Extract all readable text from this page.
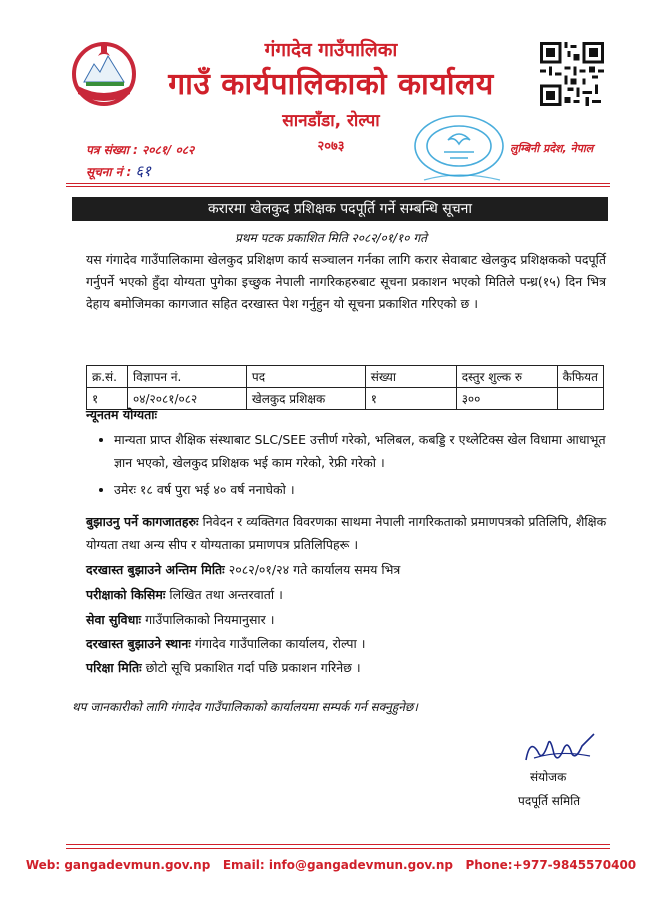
गंगादेव गाउँपालिका
गाउँ कार्यपालिकाको कार्यालय
सानडाँडा, रोल्पा
२०७३
पत्र संख्या : २०८१/ ०८२
सूचना नं : ६१
लुम्बिनी प्रदेश, नेपाल
करारमा खेलकुद प्रशिक्षक पदपूर्ति गर्ने सम्बन्धि सूचना
प्रथम पटक प्रकाशित मिति २०८२/०१/१० गते
यस गंगादेव गाउँपालिकामा खेलकुद प्रशिक्षण कार्य सञ्चालन गर्नका लागि करार सेवाबाट खेलकुद प्रशिक्षकको पदपूर्ति गर्नुपर्ने भएको हुँदा योग्यता पुगेका इच्छुक नेपाली नागरिकहरुबाट सूचना प्रकाशन भएको मितिले पन्ध्र(१५) दिन भित्र देहाय बमोजिमका कागजात सहित दरखास्त पेश गर्नुहुन यो सूचना प्रकाशित गरिएको छ ।
क्र.सं.	विज्ञापन नं.	पद	संख्या	दस्तुर शुल्क रु	कैफियत
१	०४/२०८१/०८२	खेलकुद प्रशिक्षक	१	३००	
न्यूनतम योग्यताः
• मान्यता प्राप्त शैक्षिक संस्थाबाट SLC/SEE उत्तीर्ण गरेको, भलिबल, कबड्डि र एथ्लेटिक्स खेल विधामा आधाभूत ज्ञान भएको, खेलकुद प्रशिक्षक भई काम गरेको, रेफ्री गरेको ।
• उमेरः १८ वर्ष पुरा भई ४० वर्ष ननाघेको ।
बुझाउनु पर्ने कागजातहरुः निवेदन र व्यक्तिगत विवरणका साथमा नेपाली नागरिकताको प्रमाणपत्रको प्रतिलिपि, शैक्षिक योग्यता तथा अन्य सीप र योग्यताका प्रमाणपत्र प्रतिलिपिहरू ।
दरखास्त बुझाउने अन्तिम मितिः २०८२/०१/२४ गते कार्यालय समय भित्र
परीक्षाको किसिमः लिखित तथा अन्तरवार्ता ।
सेवा सुविधाः गाउँपालिकाको नियमानुसार ।
दरखास्त बुझाउने स्थानः गंगादेव गाउँपालिका कार्यालय, रोल्पा ।
परिक्षा मितिः छोटो सूचि प्रकाशित गर्दा पछि प्रकाशन गरिनेछ ।
थप जानकारीको लागि गंगादेव गाउँपालिकाको कार्यालयमा सम्पर्क गर्न सक्नुहुनेछ।
संयोजक
पदपूर्ति समिति
Web: gangadevmun.gov.np Email: info@gangadevmun.gov.np Phone:+977-9845570400
